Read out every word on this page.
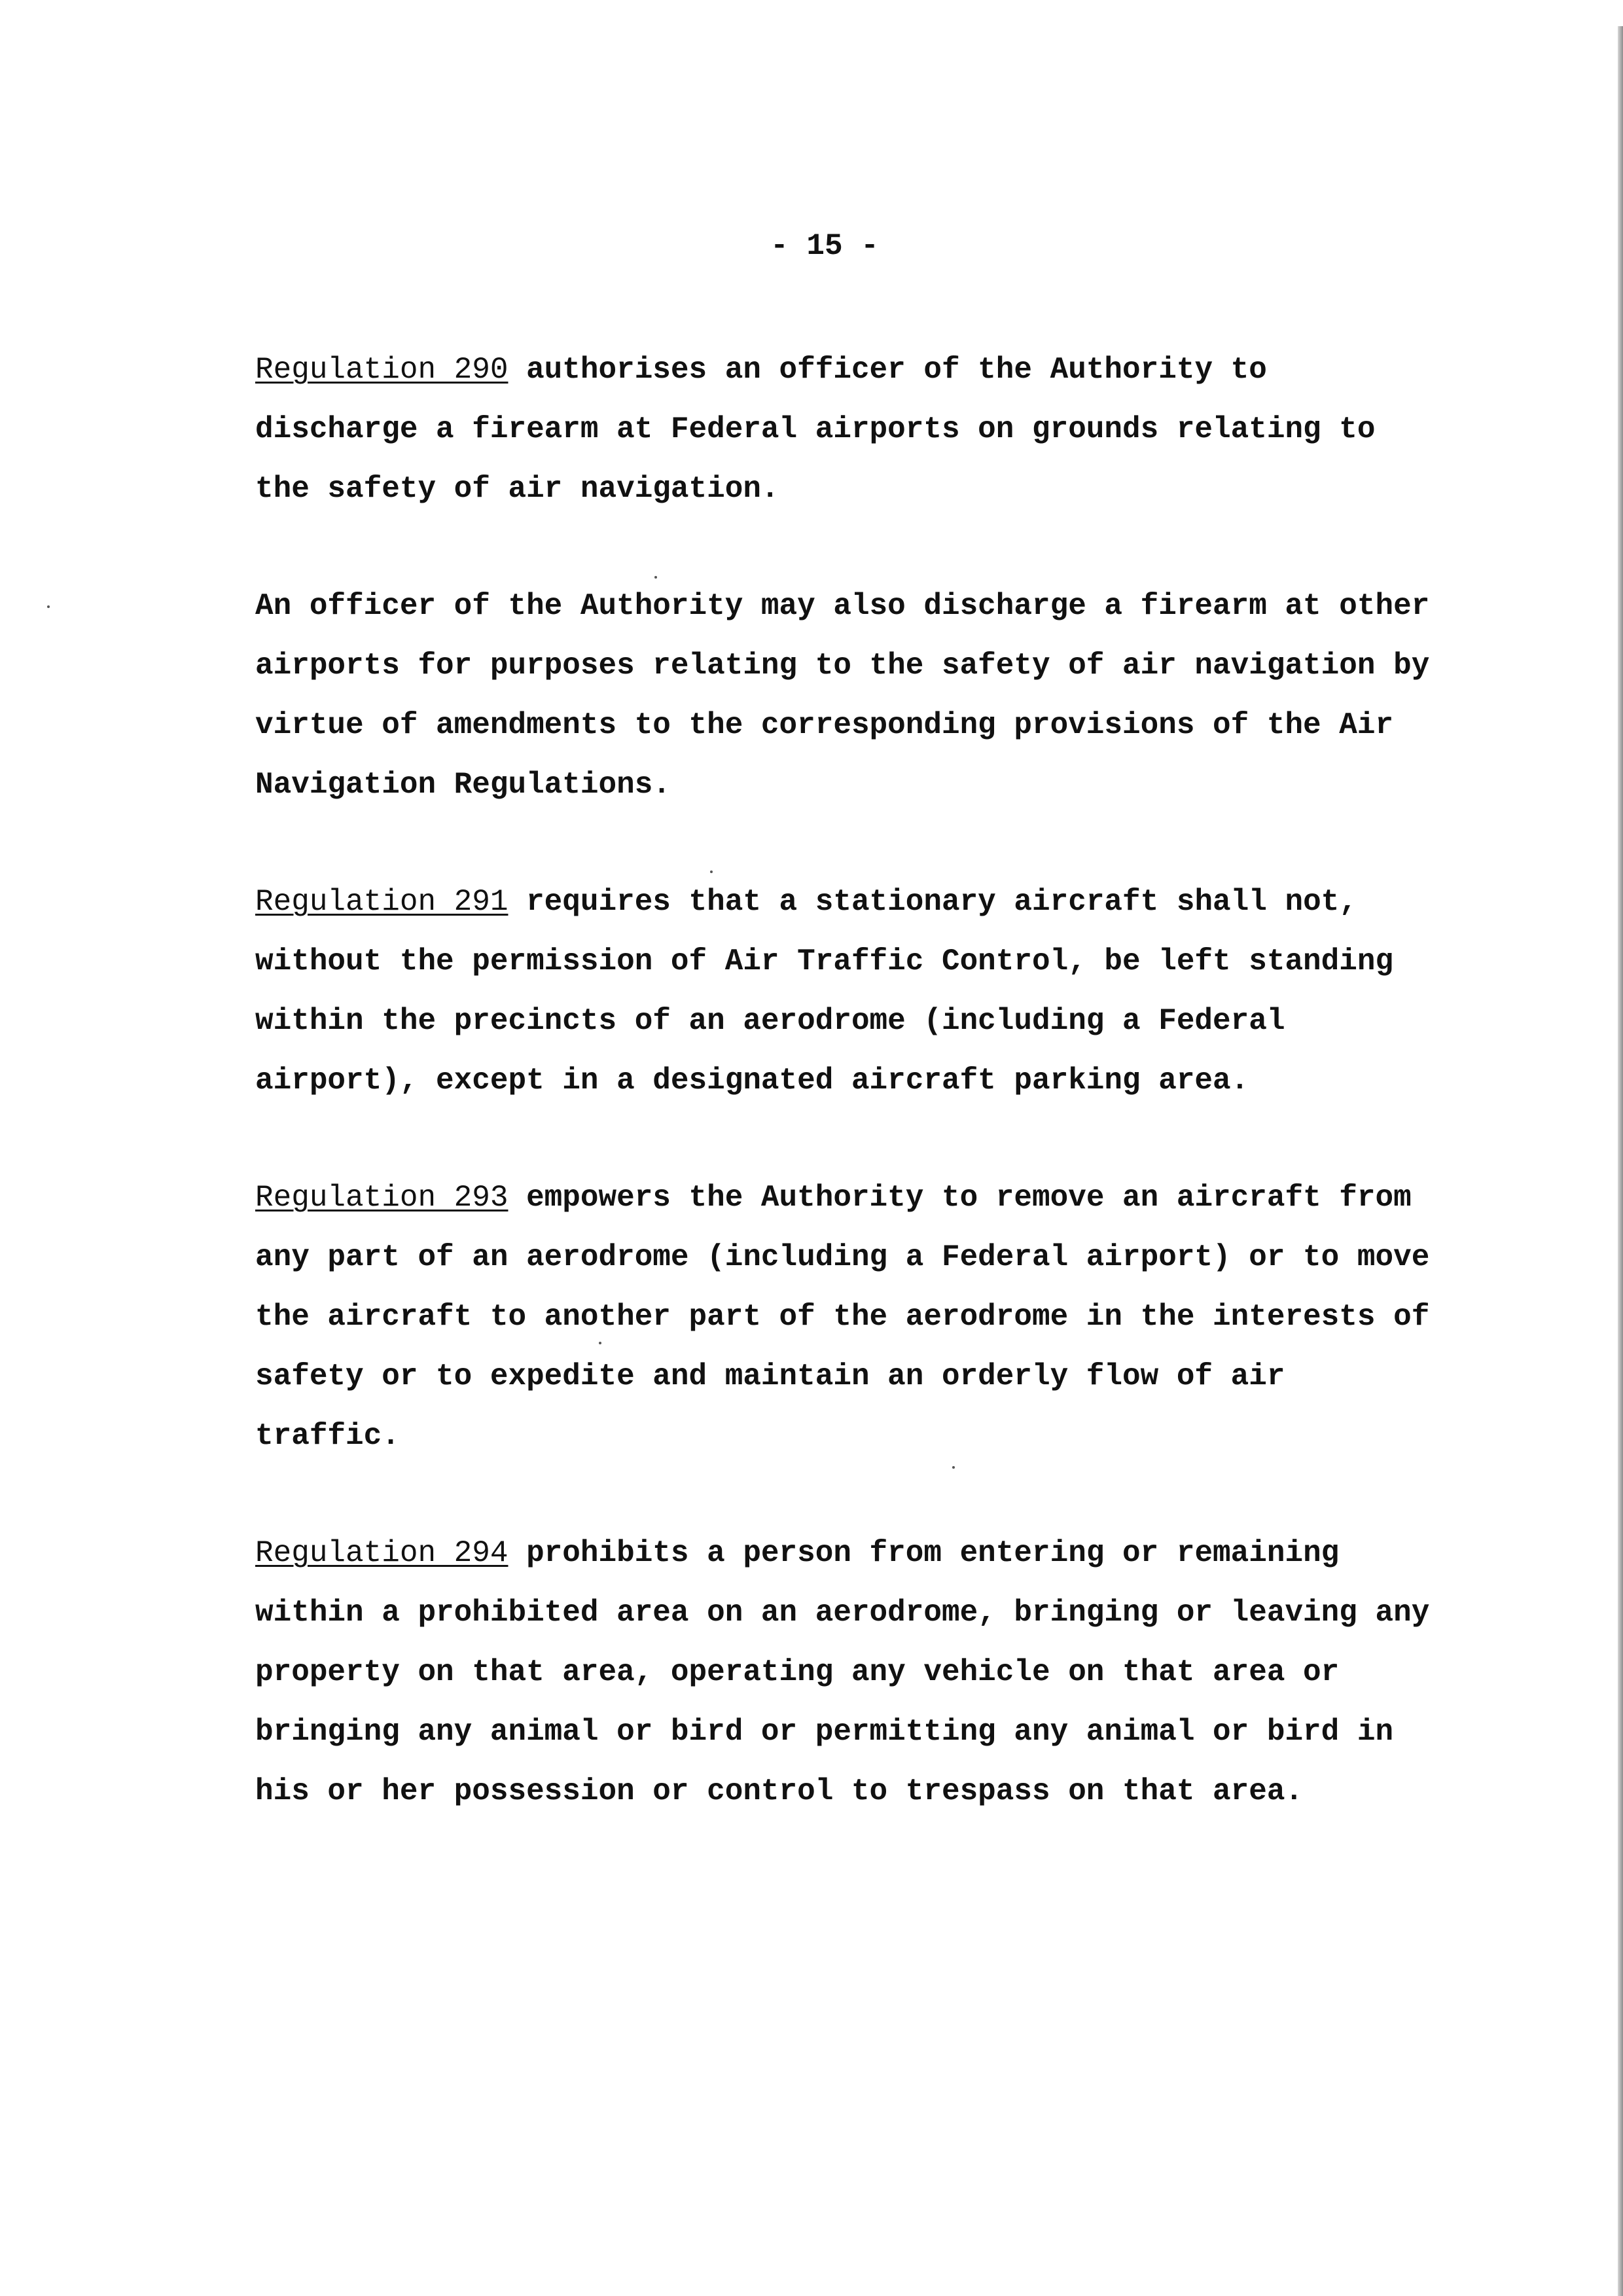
- 15 -

Regulation 290 authorises an officer of the Authority to
discharge a firearm at Federal airports on grounds relating to
the safety of air navigation.

An officer of the Authority may also discharge a firearm at other
airports for purposes relating to the safety of air navigation by
virtue of amendments to the corresponding provisions of the Air
Navigation Regulations.

Regulation 291 requires that a stationary aircraft shall not,
without the permission of Air Traffic Control, be left standing
within the precincts of an aerodrome (including a Federal
airport), except in a designated aircraft parking area.

Regulation 293 empowers the Authority to remove an aircraft from
any part of an aerodrome (including a Federal airport) or to move
the aircraft to another part of the aerodrome in the interests of
safety or to expedite and maintain an orderly flow of air
traffic.

Regulation 294 prohibits a person from entering or remaining
within a prohibited area on an aerodrome, bringing or leaving any
property on that area, operating any vehicle on that area or
bringing any animal or bird or permitting any animal or bird in
his or her possession or control to trespass on that area.
